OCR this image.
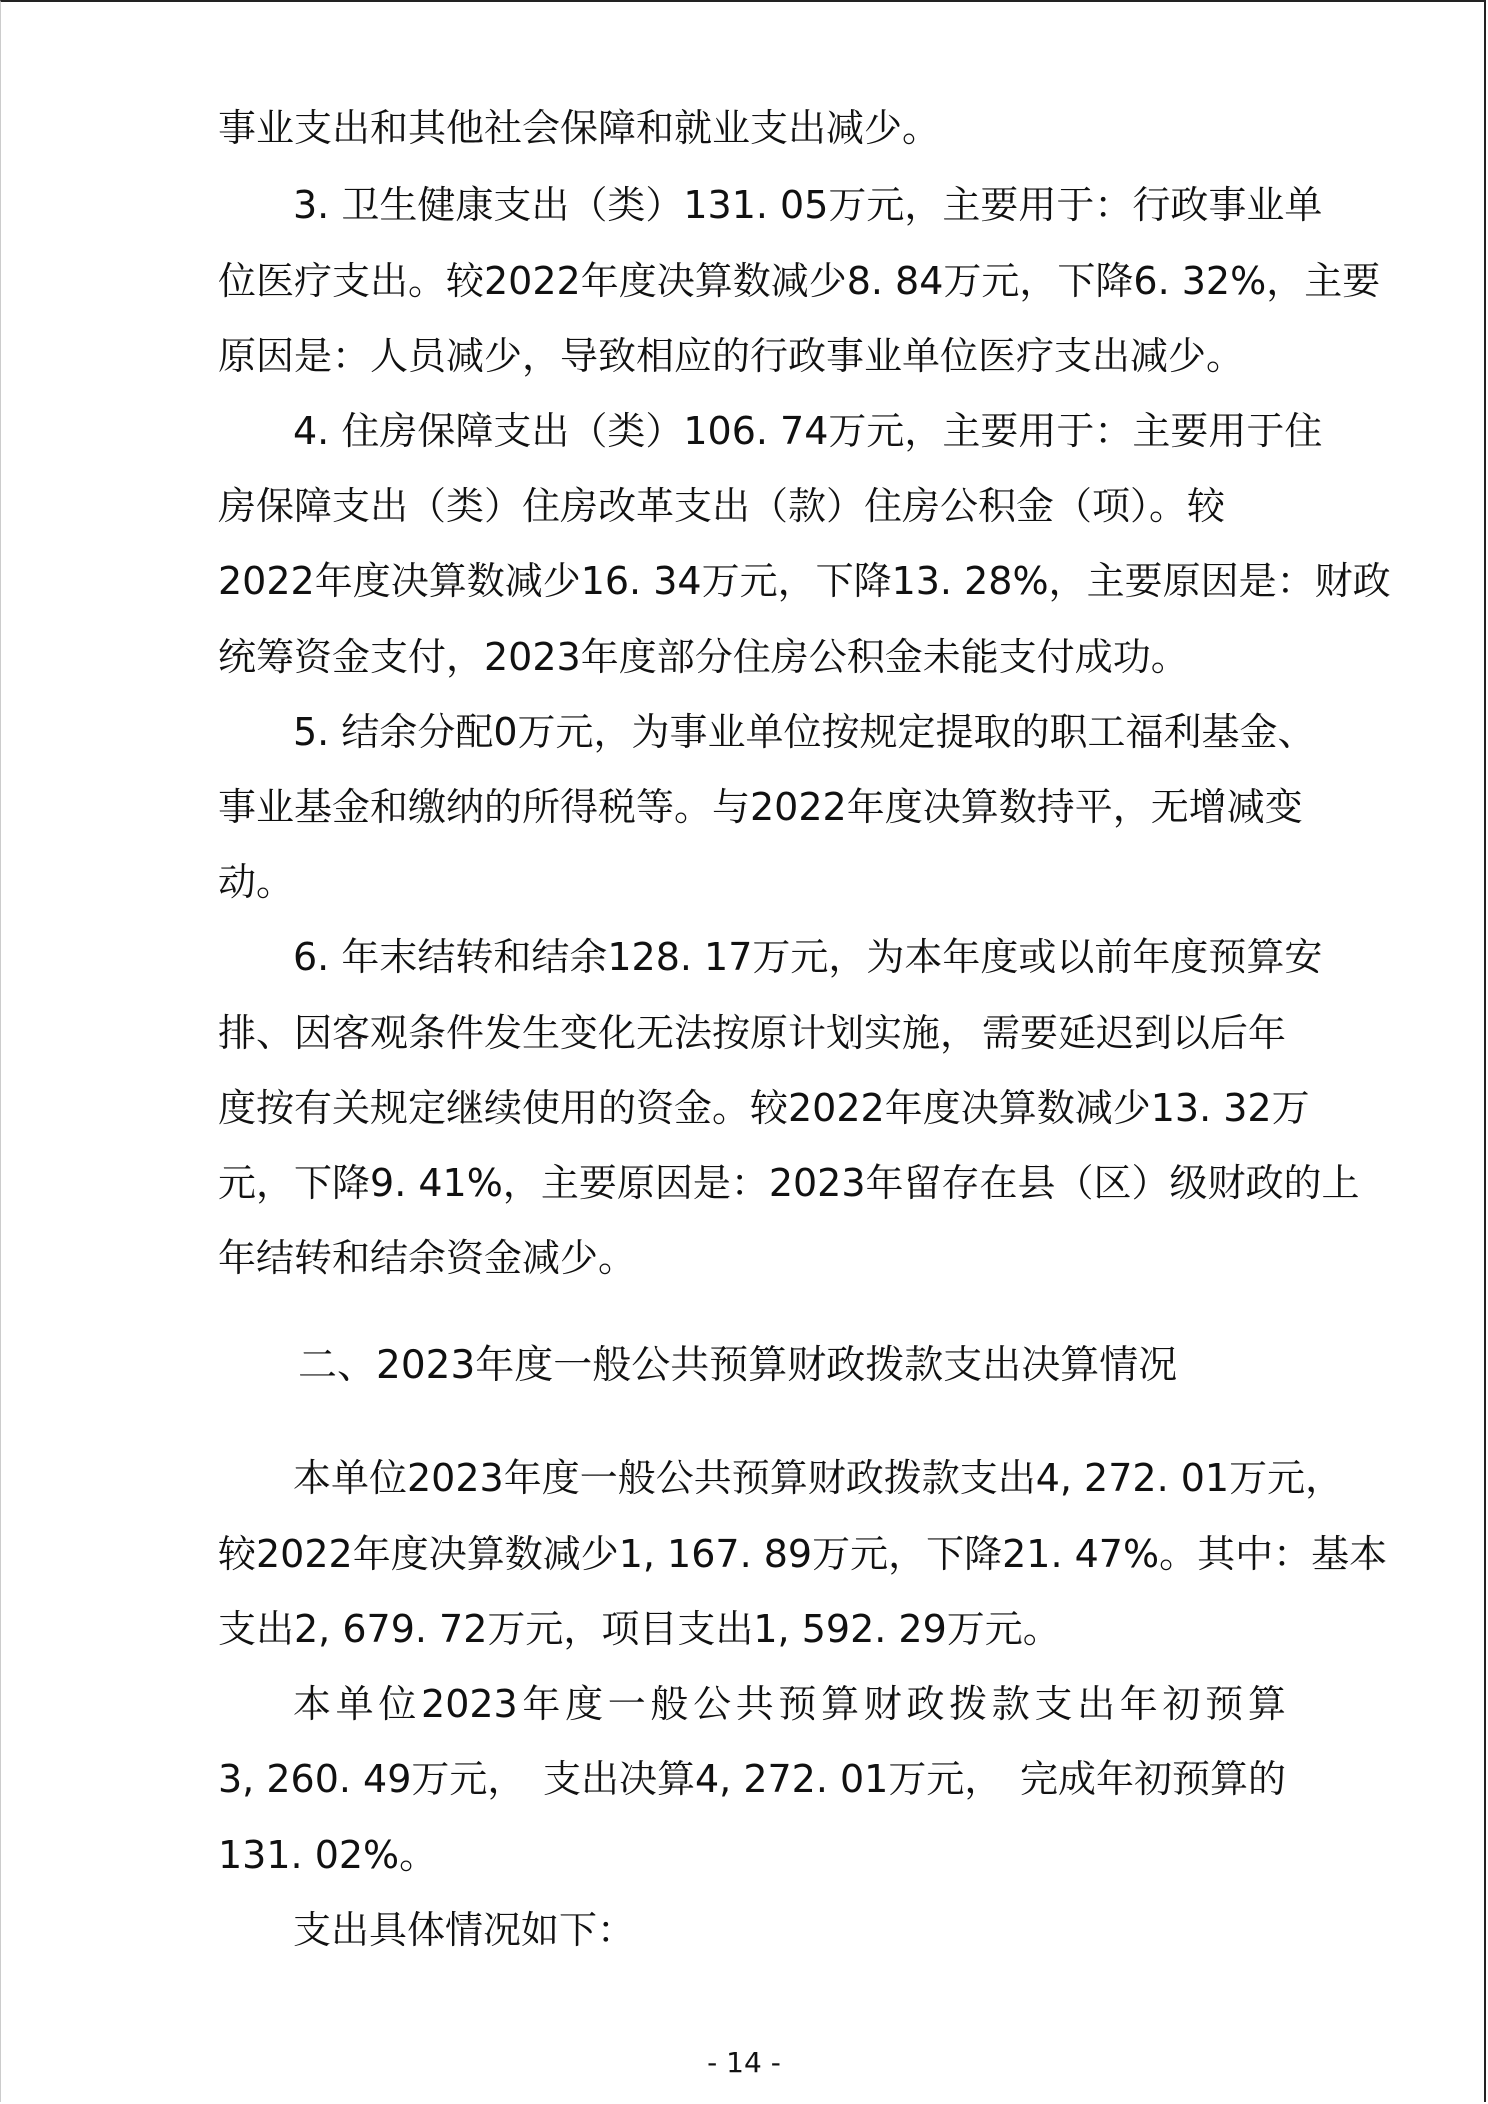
事业支出和其他社会保障和就业支出减少。
3. 卫生健康支出（类）131. 05万元， 主要用于：行政事业单
位医疗支出。较2022年度决算数减少8. 84万元， 下降6. 32%， 主要
原因是：人员减少，导致相应的行政事业单位医疗支出减少。
4. 住房保障支出（类）106. 74万元， 主要用于：主要用于住
房保障支出（类）住房改革支出（款）住房公积金（项）。较
2022年度决算数减少16. 34万元， 下降13. 28%， 主要原因是：财政
统筹资金支付，2023年度部分住房公积金未能支付成功。
5. 结余分配0万元， 为事业单位按规定提取的职工福利基金、
事业基金和缴纳的所得税等。与2022年度决算数持平， 无增减变
动。
6. 年末结转和结余128. 17万元， 为本年度或以前年度预算安
排、因客观条件发生变化无法按原计划实施， 需要延迟到以后年
度按有关规定继续使用的资金。较2022年度决算数减少13. 32万
元， 下降9. 41%， 主要原因是：2023年留存在县（区）级财政的上
年结转和结余资金减少。
二、2023年度一般公共预算财政拨款支出决算情况
本单位2023年度一般公共预算财政拨款支出4, 272. 01万元，
较2022年度决算数减少1, 167. 89万元， 下降21. 47%。其中：基本
支出2, 679. 72万元，项目支出1, 592. 29万元。
本 单 位 2023 年 度 一 般 公 共 预 算 财 政 拨 款 支 出 年 初 预 算
3, 260. 49万元， 支出决算4, 272. 01万元， 完成年初预算的
131. 02%。
支出具体情况如下：
- 14 -
